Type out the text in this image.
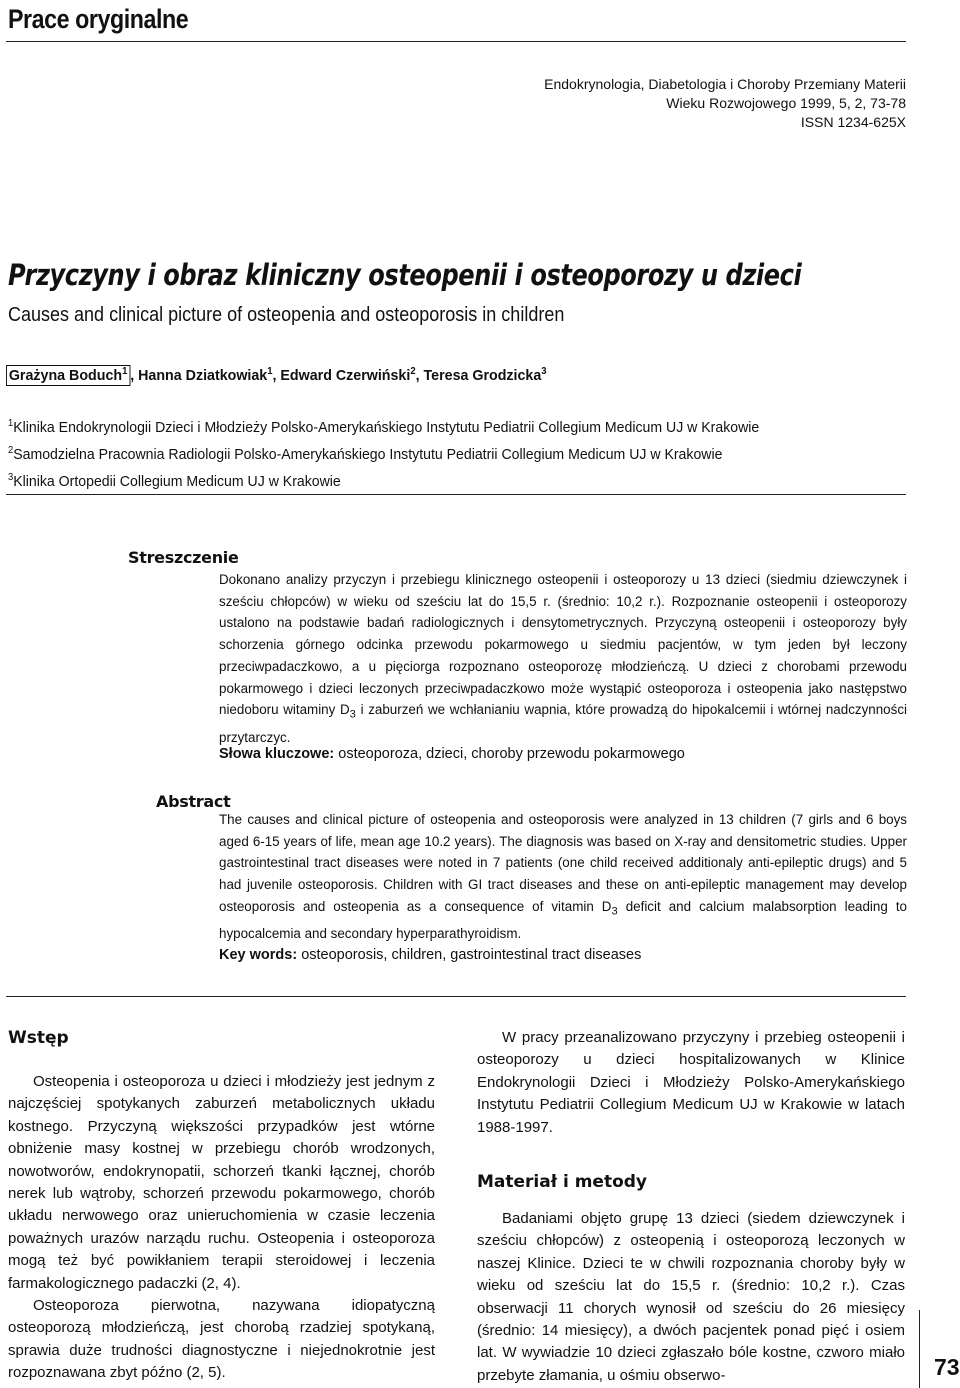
Prace oryginalne
Endokrynologia, Diabetologia i Choroby Przemiany Materii
Wieku Rozwojowego 1999, 5, 2, 73-78
ISSN 1234-625X
Przyczyny i obraz kliniczny osteopenii i osteoporozy u dzieci
Causes and clinical picture of osteopenia and osteoporosis in children
Grażyna Boduch$^1$ , Hanna Dziatkowiak$^1$, Edward Czerwiński$^2$, Teresa Grodzicka$^3$
$^1$Klinika Endokrynologii Dzieci i Młodzieży Polsko-Amerykańskiego Instytutu Pediatrii Collegium Medicum UJ w Krakowie
$^2$Samodzielna Pracownia Radiologii Polsko-Amerykańskiego Instytutu Pediatrii Collegium Medicum UJ w Krakowie
$^3$Klinika Ortopedii Collegium Medicum UJ w Krakowie
Streszczenie
Dokonano analizy przyczyn i przebiegu klinicznego osteopenii i osteoporozy u 13 dzieci (siedmiu dziewczynek i sześciu chłopców) w wieku od sześciu lat do 15,5 r. (średnio: 10,2 r.). Rozpoznanie osteopenii i osteoporozy ustalono na podstawie badań radiologicznych i densytometrycznych. Przyczyną osteopenii i osteoporozy były schorzenia górnego odcinka przewodu pokarmowego u siedmiu pacjentów, w tym jeden był leczony przeciwpadaczkowo, a u pięciorga rozpoznano osteoporozę młodzieńczą. U dzieci z chorobami przewodu pokarmowego i dzieci leczonych przeciwpadaczkowo może wystąpić osteoporoza i osteopenia jako następstwo niedoboru witaminy $D_3$ i zaburzeń we wchłanianiu wapnia, które prowadzą do hipokalcemii i wtórnej nadczynności przytarczyc.
Słowa kluczowe: osteoporoza, dzieci, choroby przewodu pokarmowego
Abstract
The causes and clinical picture of osteopenia and osteoporosis were analyzed in 13 children (7 girls and 6 boys aged 6-15 years of life, mean age 10.2 years). The diagnosis was based on X-ray and densitometric studies. Upper gastrointestinal tract diseases were noted in 7 patients (one child received additionaly anti-epileptic drugs) and 5 had juvenile osteoporosis. Children with GI tract diseases and these on anti-epileptic management may develop osteoporosis and osteopenia as a consequence of vitamin $D_3$ deficit and calcium malabsorption leading to hypocalcemia and secondary hyperparathyroidism.
Key words: osteoporosis, children, gastrointestinal tract diseases
Wstęp

Osteopenia i osteoporoza u dzieci i młodzieży jest jednym z najczęściej spotykanych zaburzeń metabolicznych układu kostnego. Przyczyną większości przypadków jest wtórne obniżenie masy kostnej w przebiegu chorób wrodzonych, nowotworów, endokrynopatii, schorzeń tkanki łącznej, chorób nerek lub wątroby, schorzeń przewodu pokarmowego, chorób układu nerwowego oraz unieruchomienia w czasie leczenia poważnych urazów narządu ruchu. Osteopenia i osteoporoza mogą też być powikłaniem terapii steroidowej i leczenia farmakologicznego padaczki (2, 4).

Osteoporoza pierwotna, nazywana idiopatyczną osteoporozą młodzieńczą, jest chorobą rzadziej spotykaną, sprawia duże trudności diagnostyczne i niejednokrotnie jest rozpoznawana zbyt późno (2, 5).

W pracy przeanalizowano przyczyny i przebieg osteopenii i osteoporozy u dzieci hospitalizowanych w Klinice Endokrynologii Dzieci i Młodzieży Polsko-Amerykańskiego Instytutu Pediatrii Collegium Medicum UJ w Krakowie w latach 1988-1997.

Materiał i metody

Badaniami objęto grupę 13 dzieci (siedem dziewczynek i sześciu chłopców) z osteopenią i osteoporozą leczonych w naszej Klinice. Dzieci te w chwili rozpoznania choroby były w wieku od sześciu lat do 15,5 r. (średnio: 10,2 r.). Czas obserwacji 11 chorych wynosił od sześciu do 26 miesięcy (średnio: 14 miesięcy), a dwóch pacjentek ponad pięć i osiem lat. W wywiadzie 10 dzieci zgłaszało bóle kostne, czworo miało przebyte złamania, u ośmiu obserwo-	73
